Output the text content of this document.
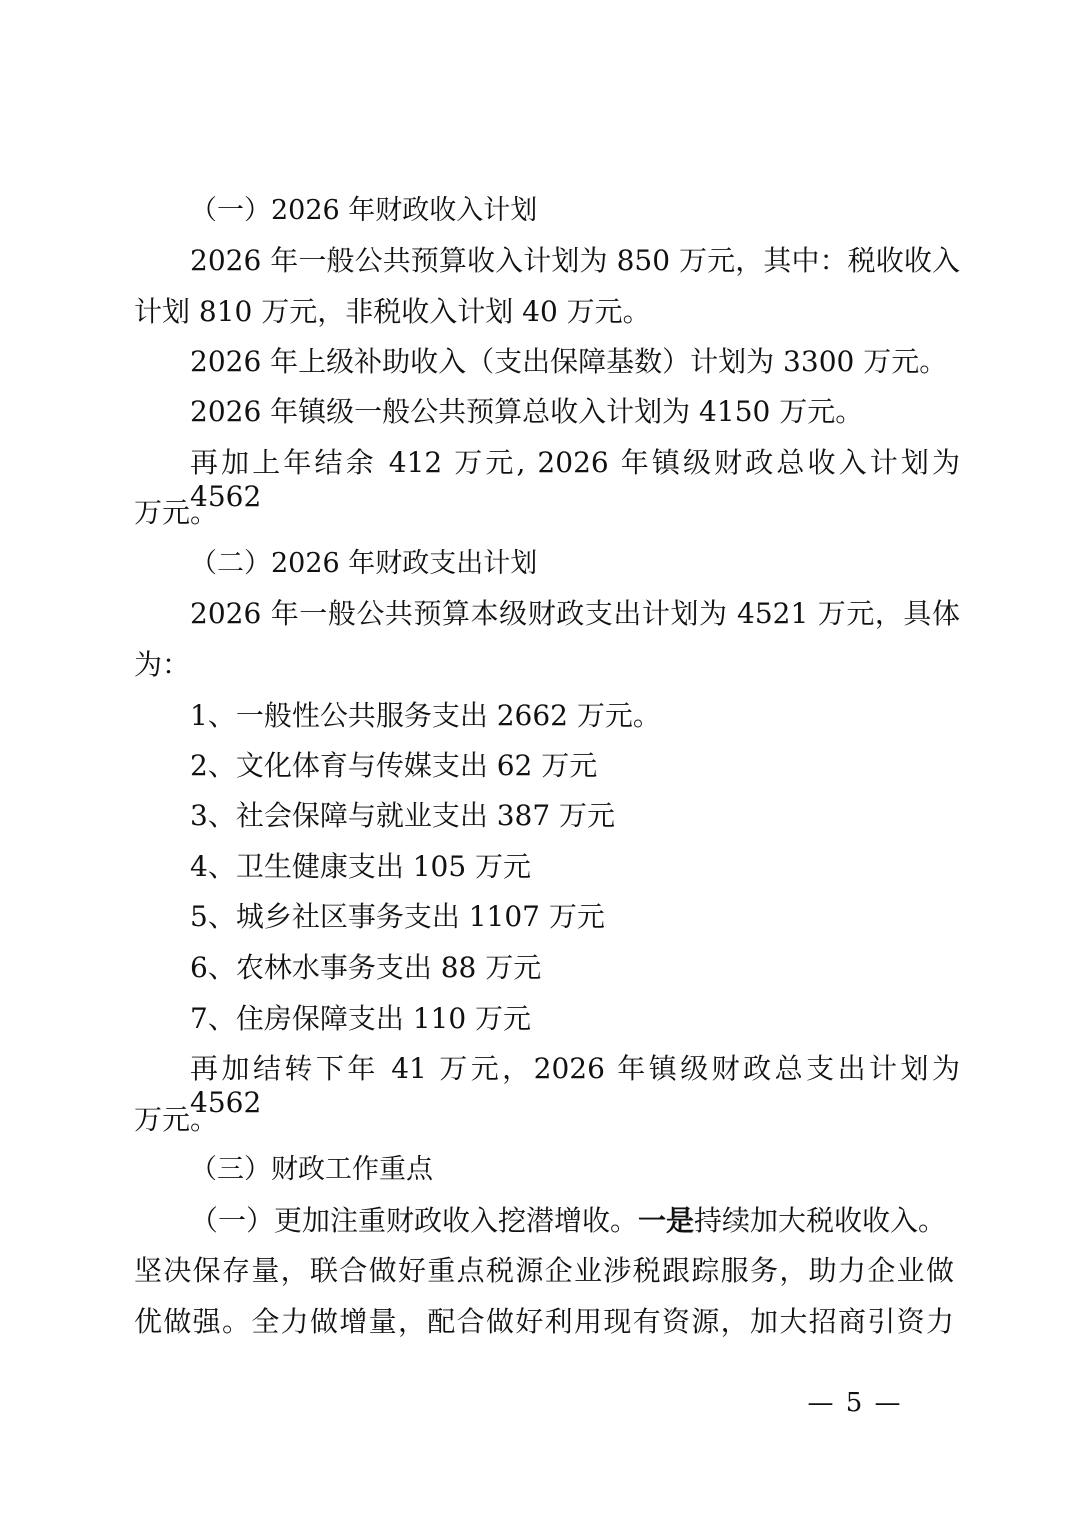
（一）2026 年财政收入计划
2026 年一般公共预算收入计划为 850 万元，其中：税收收入
计划 810 万元，非税收入计划 40 万元。
2026 年上级补助收入（支出保障基数）计划为 3300 万元。
2026 年镇级一般公共预算总收入计划为 4150 万元。
再加上年结余 412 万元, 2026 年镇级财政总收入计划为 4562
万元。
（二）2026 年财政支出计划
2026 年一般公共预算本级财政支出计划为 4521 万元，具体
为：
1、一般性公共服务支出 2662 万元。
2、文化体育与传媒支出 62 万元
3、社会保障与就业支出 387 万元
4、卫生健康支出 105 万元
5、城乡社区事务支出 1107 万元
6、农林水事务支出 88 万元
7、住房保障支出 110 万元
再加结转下年 41 万元，2026 年镇级财政总支出计划为 4562
万元。
（三）财政工作重点
（一）更加注重财政收入挖潜增收。一是持续加大税收收入。
坚决保存量，联合做好重点税源企业涉税跟踪服务，助力企业做
优做强。全力做增量，配合做好利用现有资源，加大招商引资力
— 5 —
